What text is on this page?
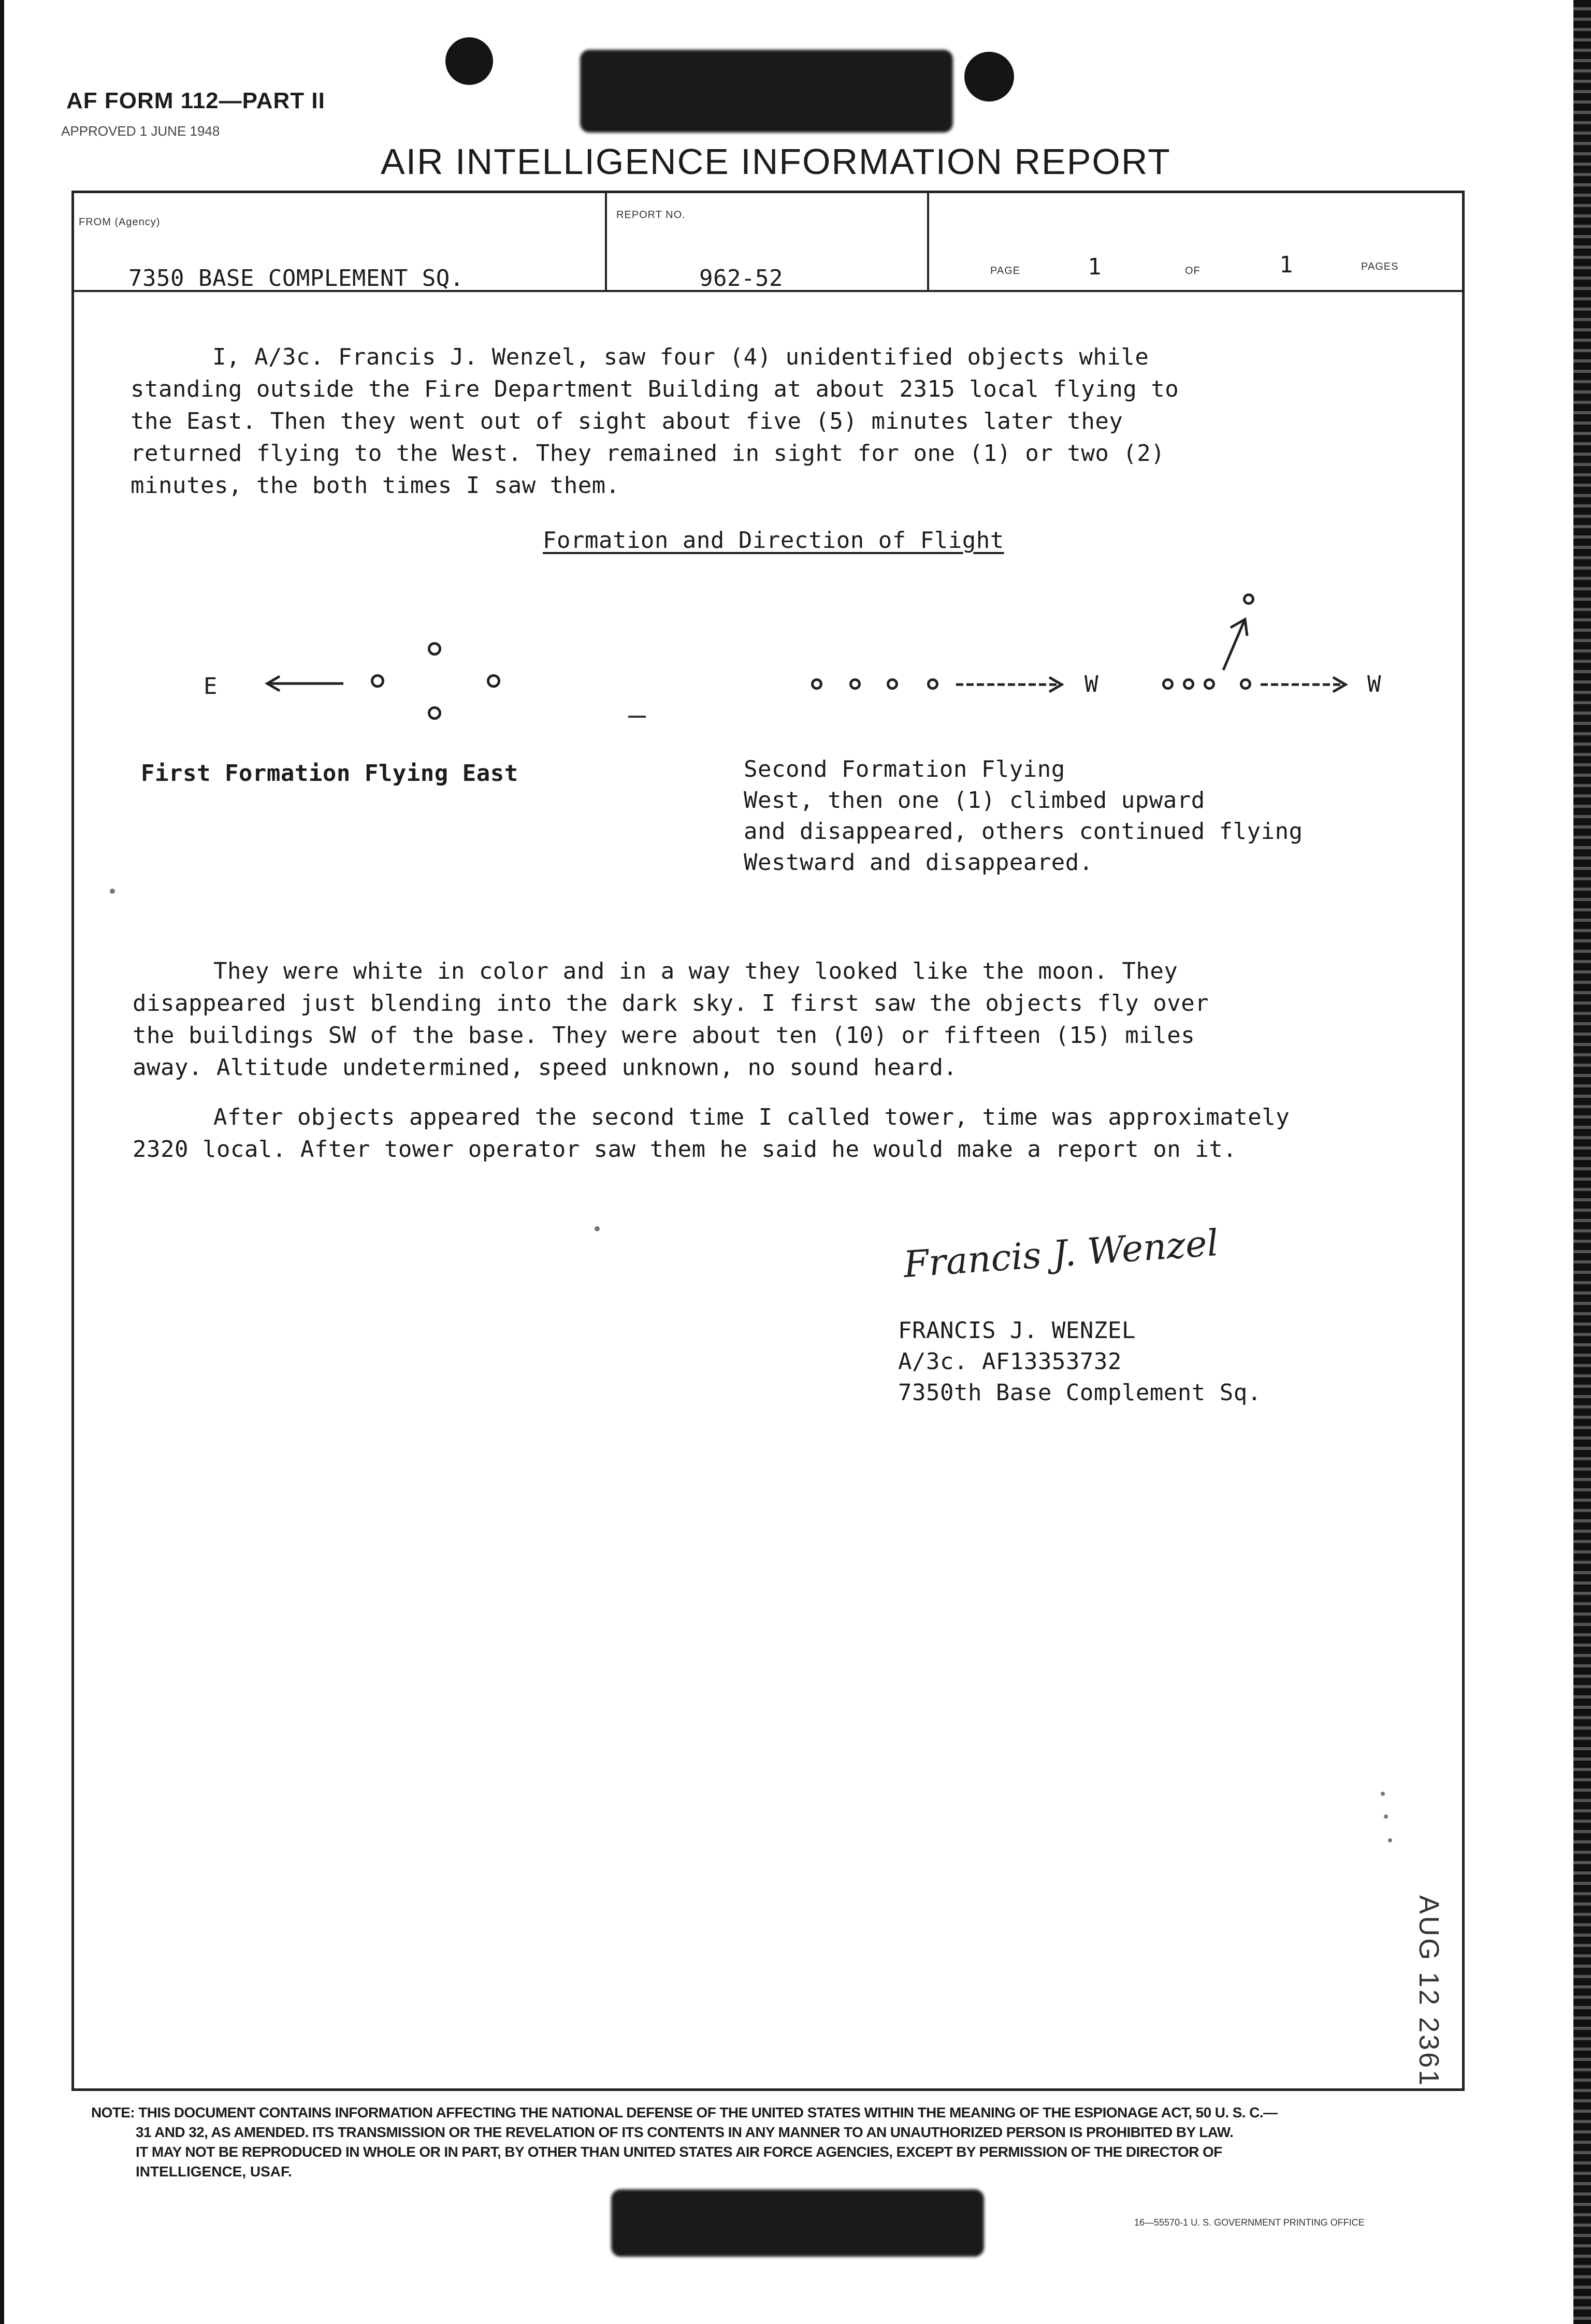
AF FORM 112—PART II
APPROVED 1 JUNE 1948
AIR INTELLIGENCE INFORMATION REPORT
FROM (Agency)
7350 BASE COMPLEMENT SQ.
REPORT NO.
962-52	PAGE	1	OF	1	PAGES
I, A/3c. Francis J. Wenzel, saw four (4) unidentified objects while
standing outside the Fire Department Building at about 2315 local flying to
the East. Then they went out of sight about five (5) minutes later they
returned flying to the West. They remained in sight for one (1) or two (2)
minutes, the both times I saw them.
Formation and Direction of Flight
E	W	W
First Formation Flying East	Second Formation Flying
West, then one (1) climbed upward
and disappeared, others continued flying
Westward and disappeared.
They were white in color and in a way they looked like the moon. They
disappeared just blending into the dark sky. I first saw the objects fly over
the buildings SW of the base. They were about ten (10) or fifteen (15) miles
away. Altitude undetermined, speed unknown, no sound heard.
After objects appeared the second time I called tower, time was approximately
2320 local. After tower operator saw them he said he would make a report on it.
Francis J. Wenzel
FRANCIS J. WENZEL
A/3c. AF13353732
7350th Base Complement Sq.
AUG 12 2361
NOTE: THIS DOCUMENT CONTAINS INFORMATION AFFECTING THE NATIONAL DEFENSE OF THE UNITED STATES WITHIN THE MEANING OF THE ESPIONAGE ACT, 50 U. S. C.—
31 AND 32, AS AMENDED. ITS TRANSMISSION OR THE REVELATION OF ITS CONTENTS IN ANY MANNER TO AN UNAUTHORIZED PERSON IS PROHIBITED BY LAW.
IT MAY NOT BE REPRODUCED IN WHOLE OR IN PART, BY OTHER THAN UNITED STATES AIR FORCE AGENCIES, EXCEPT BY PERMISSION OF THE DIRECTOR OF
INTELLIGENCE, USAF.
16—55570-1 U. S. GOVERNMENT PRINTING OFFICE
